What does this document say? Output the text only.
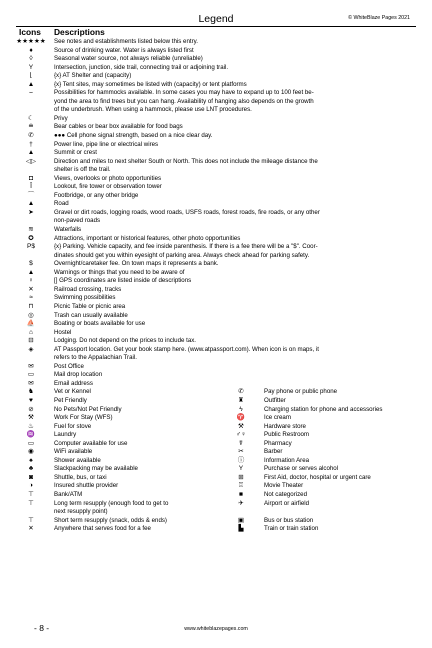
Legend	© WhiteBlaze Pages 2021
Icons Descriptions
★★★★★	See notes and establishments listed below this entry.
♦	Source of drinking water. Water is always listed first
◊	Seasonal water source, not always reliable (unreliable)
Y	Intersection, junction, side trail, connecting trail or adjoining trail.
⌊	{x} AT Shelter and (capacity)
▲	{x} Tent sites, may sometimes be listed with (capacity) or tent platforms
⌣	Possibilities for hammocks available. In some cases you may have to expand up to 100 feet be-
yond the area to find trees but you can hang. Availability of hanging also depends on the growth
of the underbrush. When using a hammock, please use LNT procedures.
☾	Privy
≘	Bear cables or bear box available for food bags
✆	●●● Cell phone signal strength, based on a nice clear day.
†	Power line, pipe line or electrical wires
▲	Summit or crest
◁▷	Direction and miles to next shelter South or North. This does not include the mileage distance the
shelter is off the trail.
◘	Views, overlooks or photo opportunities
Î	Lookout, fire tower or observation tower
⌒	Footbridge, or any other bridge
▲	Road
➤	Gravel or dirt roads, logging roads, wood roads, USFS roads, forest roads, fire roads, or any other
non-paved roads
≋	Waterfalls
✪	Attractions, important or historical features, other photo opportunities
P$	{x} Parking. Vehicle capacity, and fee inside parenthesis. If there is a fee there will be a "$". Coor-
dinates should get you within eyesight of parking area. Always check ahead for parking safety.
$	Overnight/caretaker fee. On town maps it represents a bank.
▲	Warnings or things that you need to be aware of
♀	[] GPS coordinates are listed inside of descriptions
✕	Railroad crossing, tracks
≈	Swimming possibilities
⊓	Picnic Table or picnic area
◎	Trash can usually available
⛵	Boating or boats available for use
⌂	Hostel
⊟	Lodging. Do not depend on the prices to include tax.
◈	AT Passport location. Get your book stamp here. (www.atpassport.com). When icon is on maps, it
refers to the Appalachian Trail.
✉	Post Office
▭	Mail drop location
✉	Email address
♞	Vet or Kennel	✆	Pay phone or public phone
♥	Pet Friendly	♜	Outfitter
⊘	No Pets/Not Pet Friendly	ϟ	Charging station for phone and accessories
⚒	Work For Stay (WFS)	♈	Ice cream
♨	Fuel for stove	⚒	Hardware store
♒	Laundry	♂♀	Public Restroom
▭	Computer available for use	☤	Pharmacy
◉	WiFi available	✂	Barber
♠	Shower available	ⓘ	Information Area
♣	Slackpacking may be available	Y	Purchase or serves alcohol
◙	Shuttle, bus, or taxi	⊞	First Aid, doctor, hospital or urgent care
◑	Insured shuttle provider	♖	Movie Theater
⊤	Bank/ATM	■	Not categorized
⊤	Long term resupply (enough food to get to
next resupply point)
✈	Airport or airfield
⊤	Short term resupply (snack, odds & ends)	▣	Bus or bus station
✕	Anywhere that serves food for a fee	▙	Train or train station
- 8 -	www.whiteblazepages.com
